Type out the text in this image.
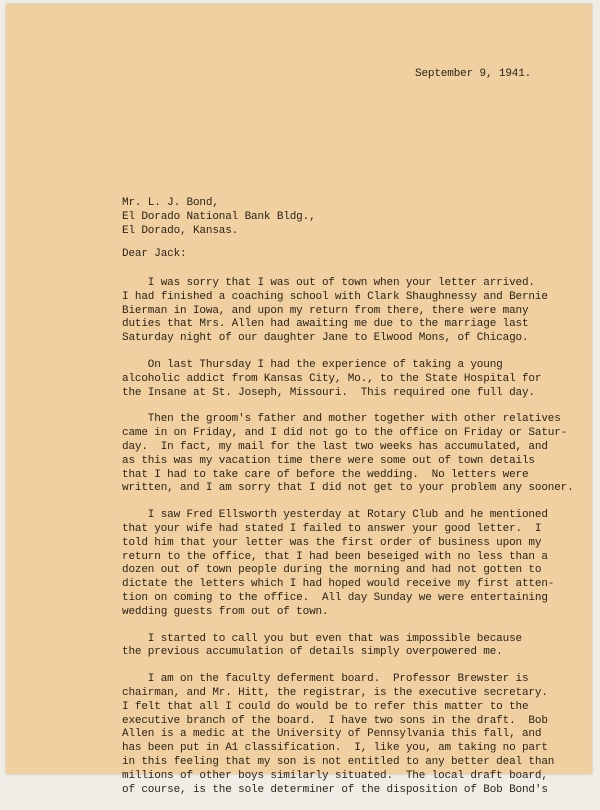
September 9, 1941.
Mr. L. J. Bond,
El Dorado National Bank Bldg.,
El Dorado, Kansas.
Dear Jack:
I was sorry that I was out of town when your letter arrived.
I had finished a coaching school with Clark Shaughnessy and Bernie
Bierman in Iowa, and upon my return from there, there were many
duties that Mrs. Allen had awaiting me due to the marriage last
Saturday night of our daughter Jane to Elwood Mons, of Chicago.
On last Thursday I had the experience of taking a young
alcoholic addict from Kansas City, Mo., to the State Hospital for
the Insane at St. Joseph, Missouri.  This required one full day.
Then the groom's father and mother together with other relatives
came in on Friday, and I did not go to the office on Friday or Satur-
day.  In fact, my mail for the last two weeks has accumulated, and
as this was my vacation time there were some out of town details
that I had to take care of before the wedding.  No letters were
written, and I am sorry that I did not get to your problem any sooner.
I saw Fred Ellsworth yesterday at Rotary Club and he mentioned
that your wife had stated I failed to answer your good letter.  I
told him that your letter was the first order of business upon my
return to the office, that I had been beseiged with no less than a
dozen out of town people during the morning and had not gotten to
dictate the letters which I had hoped would receive my first atten-
tion on coming to the office.  All day Sunday we were entertaining
wedding guests from out of town.
I started to call you but even that was impossible because
the previous accumulation of details simply overpowered me.
I am on the faculty deferment board.  Professor Brewster is
chairman, and Mr. Hitt, the registrar, is the executive secretary.
I felt that all I could do would be to refer this matter to the
executive branch of the board.  I have two sons in the draft.  Bob
Allen is a medic at the University of Pennsylvania this fall, and
has been put in A1 classification.  I, like you, am taking no part
in this feeling that my son is not entitled to any better deal than
millions of other boys similarly situated.  The local draft board,
of course, is the sole determiner of the disposition of Bob Bond's
